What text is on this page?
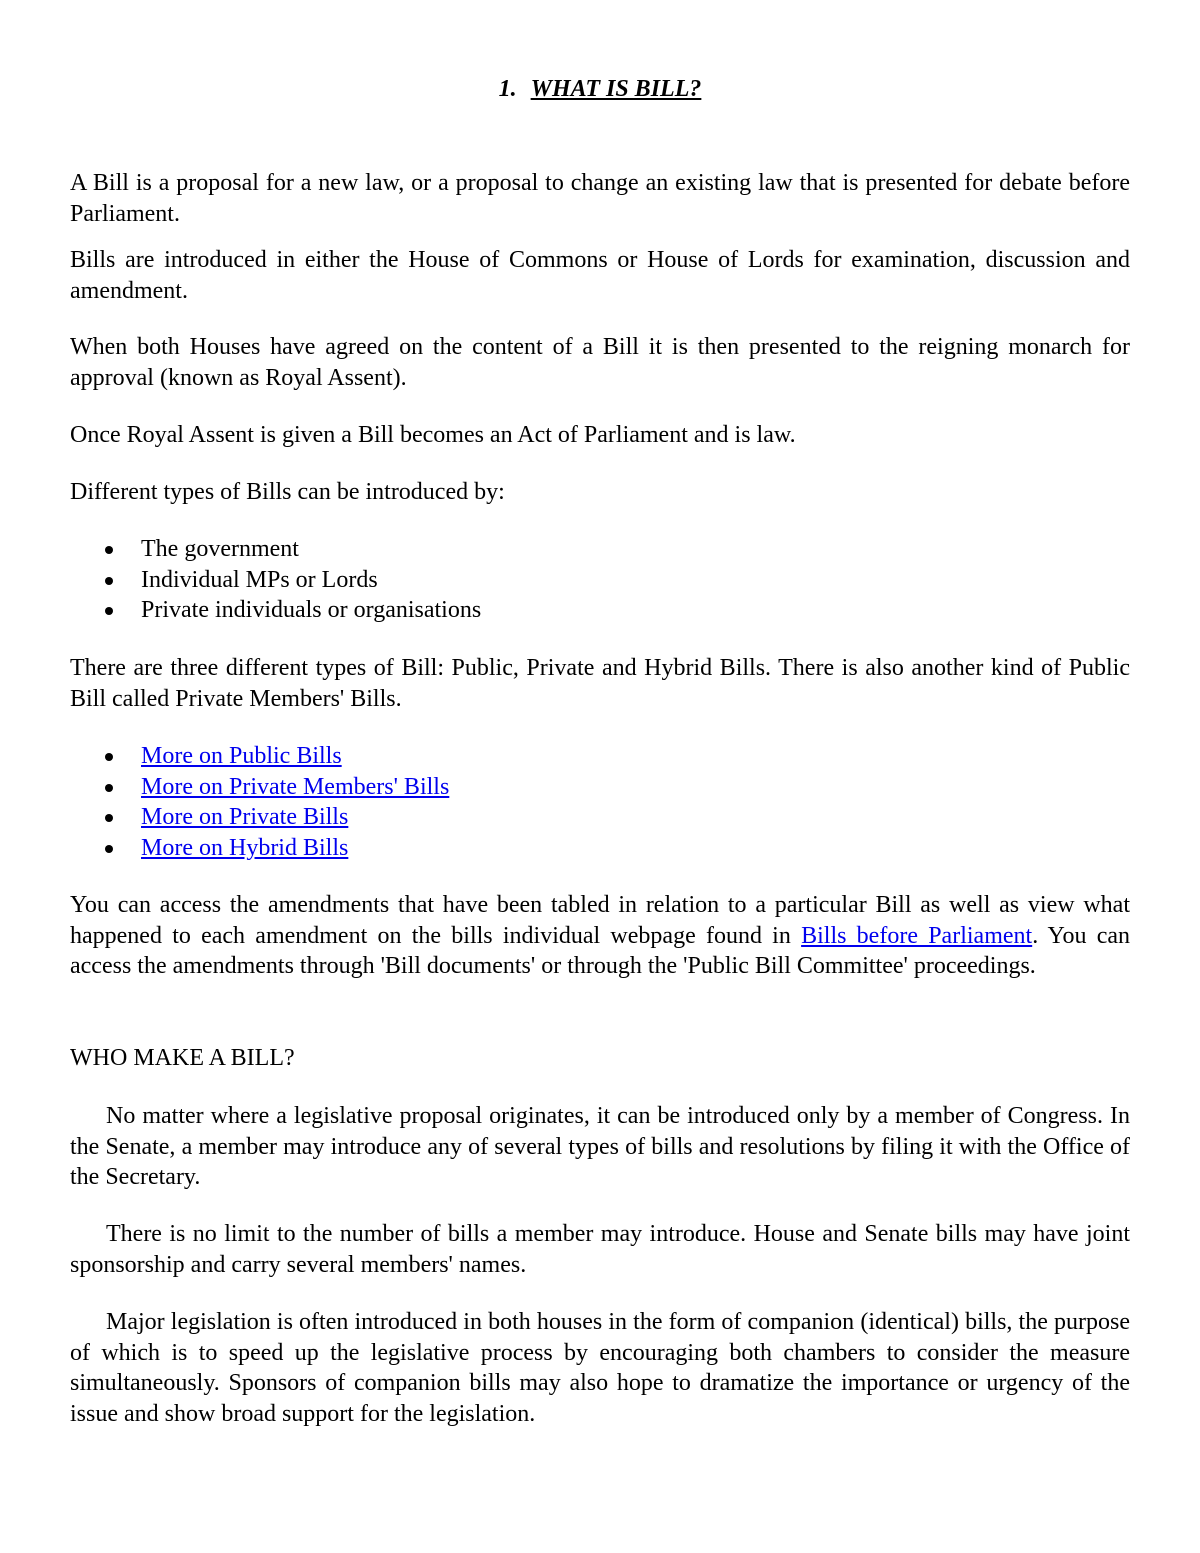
1. WHAT IS BILL?

A Bill is a proposal for a new law, or a proposal to change an existing law that is presented for debate before Parliament.

Bills are introduced in either the House of Commons or House of Lords for examination, discussion and amendment.

When both Houses have agreed on the content of a Bill it is then presented to the reigning monarch for approval (known as Royal Assent).

Once Royal Assent is given a Bill becomes an Act of Parliament and is law.

Different types of Bills can be introduced by:

The government
Individual MPs or Lords
Private individuals or organisations

There are three different types of Bill: Public, Private and Hybrid Bills. There is also another kind of Public Bill called Private Members' Bills.

More on Public Bills
More on Private Members' Bills
More on Private Bills
More on Hybrid Bills

You can access the amendments that have been tabled in relation to a particular Bill as well as view what happened to each amendment on the bills individual webpage found in Bills before Parliament. You can access the amendments through 'Bill documents' or through the 'Public Bill Committee' proceedings.

WHO MAKE A BILL?

No matter where a legislative proposal originates, it can be introduced only by a member of Congress. In the Senate, a member may introduce any of several types of bills and resolutions by filing it with the Office of the Secretary.

There is no limit to the number of bills a member may introduce. House and Senate bills may have joint sponsorship and carry several members' names.

Major legislation is often introduced in both houses in the form of companion (identical) bills, the purpose of which is to speed up the legislative process by encouraging both chambers to consider the measure simultaneously. Sponsors of companion bills may also hope to dramatize the importance or urgency of the issue and show broad support for the legislation.
